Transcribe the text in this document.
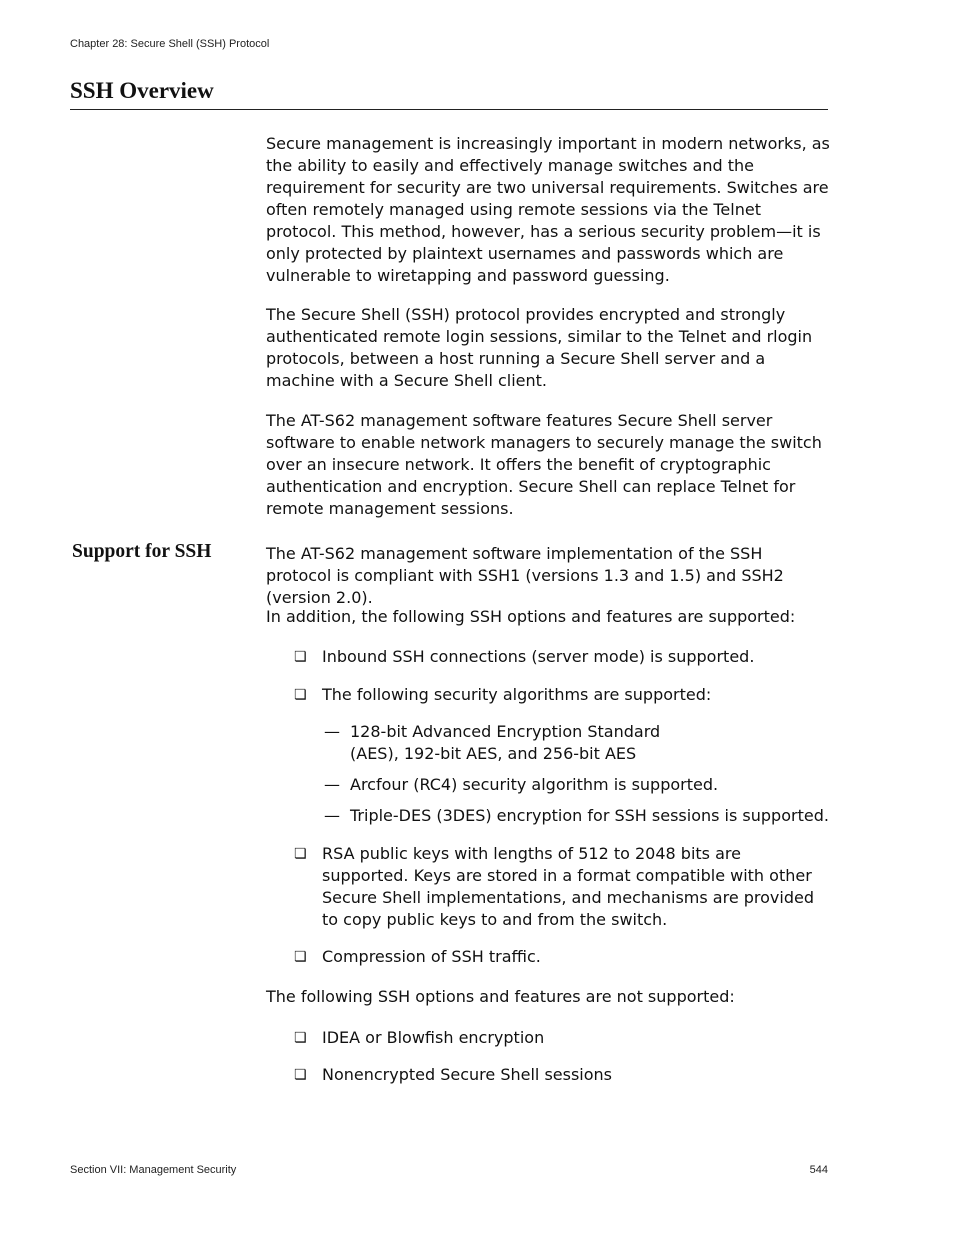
Chapter 28: Secure Shell (SSH) Protocol
SSH Overview

Secure management is increasingly important in modern networks, as the ability to easily and effectively manage switches and the requirement for security are two universal requirements. Switches are often remotely managed using remote sessions via the Telnet protocol. This method, however, has a serious security problem—it is only protected by plaintext usernames and passwords which are vulnerable to wiretapping and password guessing.

The Secure Shell (SSH) protocol provides encrypted and strongly authenticated remote login sessions, similar to the Telnet and rlogin protocols, between a host running a Secure Shell server and a machine with a Secure Shell client.

The AT-S62 management software features Secure Shell server software to enable network managers to securely manage the switch over an insecure network. It offers the benefit of cryptographic authentication and encryption. Secure Shell can replace Telnet for remote management sessions.

Support for SSH	The AT-S62 management software implementation of the SSH protocol is compliant with SSH1 (versions 1.3 and 1.5) and SSH2 (version 2.0).

In addition, the following SSH options and features are supported:

❏ Inbound SSH connections (server mode) is supported.
❏ The following security algorithms are supported:
— 128-bit Advanced Encryption Standard (AES), 192-bit AES, and 256-bit AES
— Arcfour (RC4) security algorithm is supported.
— Triple-DES (3DES) encryption for SSH sessions is supported.
❏ RSA public keys with lengths of 512 to 2048 bits are supported. Keys are stored in a format compatible with other Secure Shell implementations, and mechanisms are provided to copy public keys to and from the switch.
❏ Compression of SSH traffic.

The following SSH options and features are not supported:

❏ IDEA or Blowfish encryption
❏ Nonencrypted Secure Shell sessions
Section VII: Management Security	544
